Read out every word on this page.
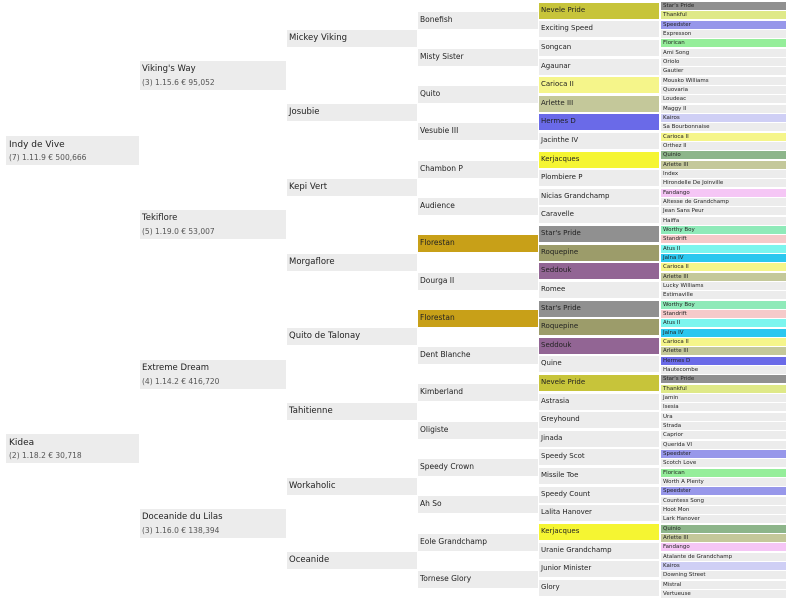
Indy de Vive
(7) 1.11.9 € 500,666
Kidea
(2) 1.18.2 € 30,718
Viking's Way
(3) 1.15.6 € 95,052
Tekiflore
(5) 1.19.0 € 53,007
Extreme Dream
(4) 1.14.2 € 416,720
Doceanide du Lilas
(3) 1.16.0 € 138,394
Mickey Viking
Josubie
Kepi Vert
Morgaflore
Quito de Talonay
Tahitienne
Workaholic
Oceanide
Bonefish
Misty Sister
Quito
Vesubie III
Chambon P
Audience
Florestan
Dourga II
Florestan
Dent Blanche
Kimberland
Oligiste
Speedy Crown
Ah So
Eole Grandchamp
Tornese Glory
Nevele Pride
Exciting Speed
Songcan
Agaunar
Carioca II
Arlette III
Hermes D
Jacinthe IV
Kerjacques
Plombiere P
Nicias Grandchamp
Caravelle
Star's Pride
Roquepine
Seddouk
Romee
Star's Pride
Roquepine
Seddouk
Quine
Nevele Pride
Astrasia
Greyhound
Jinada
Speedy Scot
Missile Toe
Speedy Count
Lalita Hanover
Kerjacques
Uranie Grandchamp
Junior Minister
Glory
Star's Pride
Thankful
Speedster
Expresson
Florican
Ami Song
Oriolo
Gautier
Mousko Williams
Quovaria
Loudeac
Maggy II
Kairos
Sa Bourbonnaise
Carioca II
Orthez II
Quinio
Arlette III
Index
Hirondelle De Joinville
Fandango
Altesse de Grandchamp
Jean Sans Peur
Haiffa
Worthy Boy
Standrift
Atus II
Jalna IV
Carioca II
Arlette III
Lucky Williams
Estimaville
Worthy Boy
Standrift
Atus II
Jalna IV
Carioca II
Arlette III
Hermes D
Hautecombe
Star's Pride
Thankful
Jamin
Isesia
Ura
Strada
Caprior
Querida VI
Speedster
Scotch Love
Florican
Worth A Plenty
Speedster
Countess Song
Hoot Mon
Lark Hanover
Quinio
Arlette III
Fandango
Atalante de Grandchamp
Kairos
Downing Street
Mistral
Vertueuse
